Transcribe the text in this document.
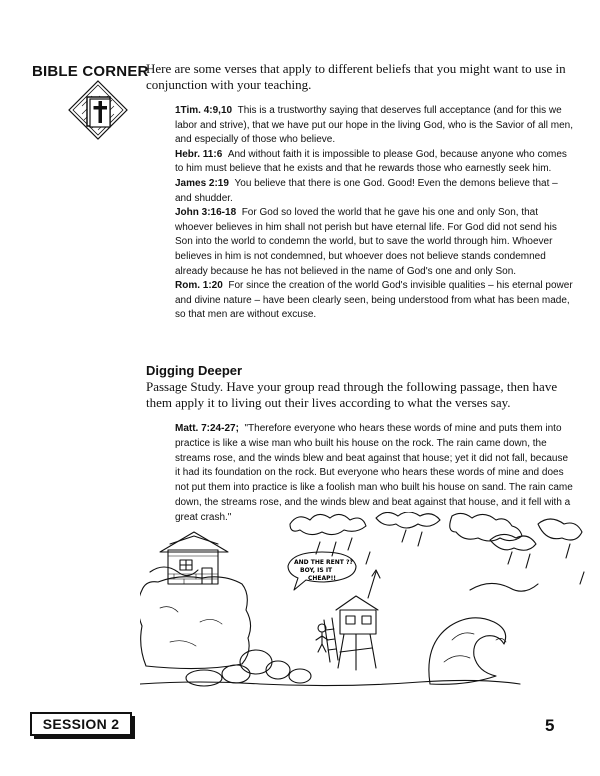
BIBLE CORNER
Here are some verses that apply to different beliefs that you might want to use in conjunction with your teaching.

1Tim. 4:9,10 This is a trustworthy saying that deserves full acceptance (and for this we labor and strive), that we have put our hope in the living God, who is the Savior of all men, and especially of those who believe.

Hebr. 11:6 And without faith it is impossible to please God, because anyone who comes to him must believe that he exists and that he rewards those who earnestly seek him.

James 2:19 You believe that there is one God. Good! Even the demons believe that – and shudder.

John 3:16-18 For God so loved the world that he gave his one and only Son, that whoever believes in him shall not perish but have eternal life. For God did not send his Son into the world to condemn the world, but to save the world through him. Whoever believes in him is not condemned, but whoever does not believe stands condemned already because he has not believed in the name of God's one and only Son.

Rom. 1:20 For since the creation of the world God's invisible qualities – his eternal power and divine nature – have been clearly seen, being understood from what has been made, so that men are without excuse.

Digging Deeper
Passage Study. Have your group read through the following passage, then have them apply it to living out their lives according to what the verses say.
Matt. 7:24-27; "Therefore everyone who hears these words of mine and puts them into practice is like a wise man who built his house on the rock. The rain came down, the streams rose, and the winds blew and beat against that house; yet it did not fall, because it had its foundation on the rock. But everyone who hears these words of mine and does not put them into practice is like a foolish man who built his house on sand. The rain came down, the streams rose, and the winds blew and beat against that house, and it fell with a great crash."
AND THE RENT ??
BOY, IS IT
CHEAP!!
SESSION 2	5
